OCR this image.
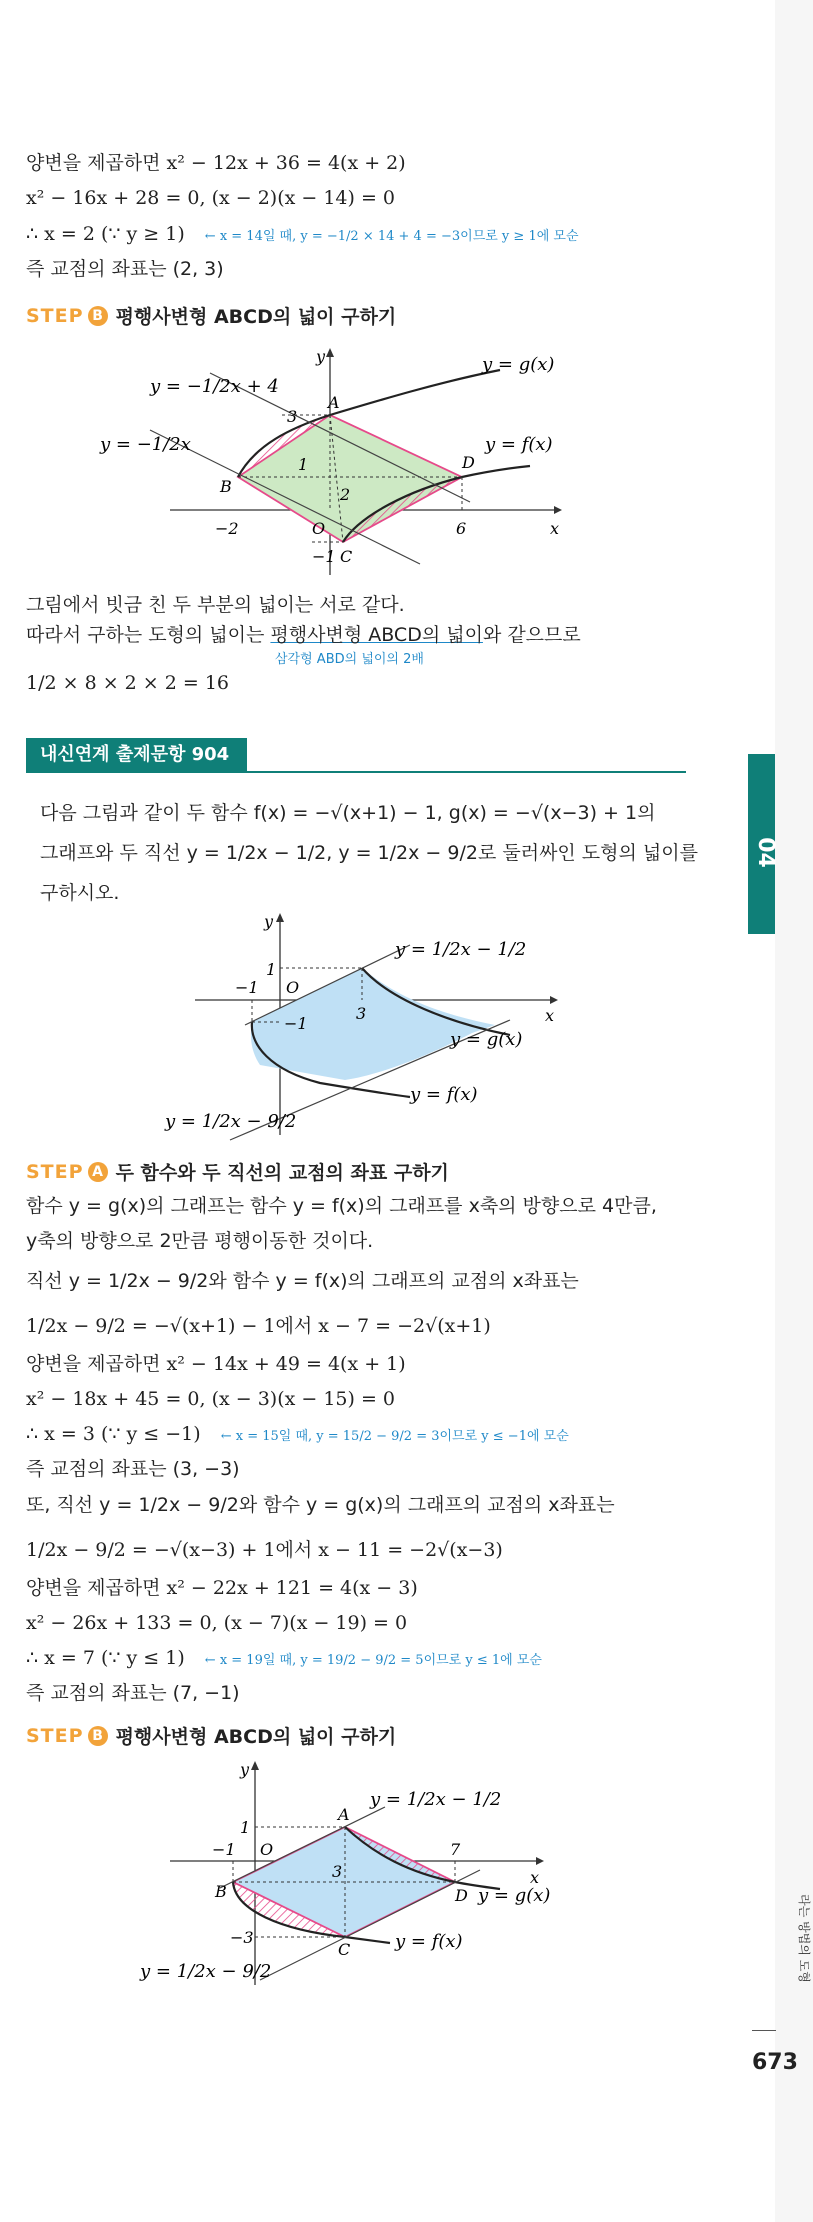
양변을 제곱하면 x² − 12x + 36 = 4(x + 2)
x² − 16x + 28 = 0, (x − 2)(x − 14) = 0
∴ x = 2 (∵ y ≥ 1) ← x = 14일 때, y = −1/2 × 14 + 4 = −3이므로 y ≥ 1에 모순
즉 교점의 좌표는 (2, 3)
STEP B 평행사변형 ABCD의 넓이 구하기
y = −1/2x + 4
y = −1/2x
y = g(x)
y = f(x)
y
x
O
−2	6
3
1
2
−1
A
B
C
D
그림에서 빗금 친 두 부분의 넓이는 서로 같다.
따라서 구하는 도형의 넓이는 평행사변형 ABCD의 넓이와 같으므로
삼각형 ABD의 넓이의 2배
1/2 × 8 × 2 × 2 = 16
내신연계 출제문항 904
04
다음 그림과 같이 두 함수 f(x) = −√(x+1) − 1, g(x) = −√(x−3) + 1의
그래프와 두 직선 y = 1/2x − 1/2, y = 1/2x − 9/2로 둘러싸인 도형의 넓이를
구하시오.
y = 1/2x − 1/2
y = 1/2x − 9/2
y = g(x)
y = f(x)
y
x
O
−1
3
1
−1
STEP A 두 함수와 두 직선의 교점의 좌표 구하기
함수 y = g(x)의 그래프는 함수 y = f(x)의 그래프를 x축의 방향으로 4만큼,
y축의 방향으로 2만큼 평행이동한 것이다.
직선 y = 1/2x − 9/2와 함수 y = f(x)의 그래프의 교점의 x좌표는
1/2x − 9/2 = −√(x+1) − 1에서 x − 7 = −2√(x+1)
양변을 제곱하면 x² − 14x + 49 = 4(x + 1)
x² − 18x + 45 = 0, (x − 3)(x − 15) = 0
∴ x = 3 (∵ y ≤ −1) ← x = 15일 때, y = 15/2 − 9/2 = 3이므로 y ≤ −1에 모순
즉 교점의 좌표는 (3, −3)
또, 직선 y = 1/2x − 9/2와 함수 y = g(x)의 그래프의 교점의 x좌표는
1/2x − 9/2 = −√(x−3) + 1에서 x − 11 = −2√(x−3)
양변을 제곱하면 x² − 22x + 121 = 4(x − 3)
x² − 26x + 133 = 0, (x − 7)(x − 19) = 0
∴ x = 7 (∵ y ≤ 1) ← x = 19일 때, y = 19/2 − 9/2 = 5이므로 y ≤ 1에 모순
즉 교점의 좌표는 (7, −1)
STEP B 평행사변형 ABCD의 넓이 구하기
y = 1/2x − 1/2
y = 1/2x − 9/2
y = g(x)
y = f(x)
y
x
O
−1	7
1
3
−3
A
B
C
D	라는 방법의 도형
673
